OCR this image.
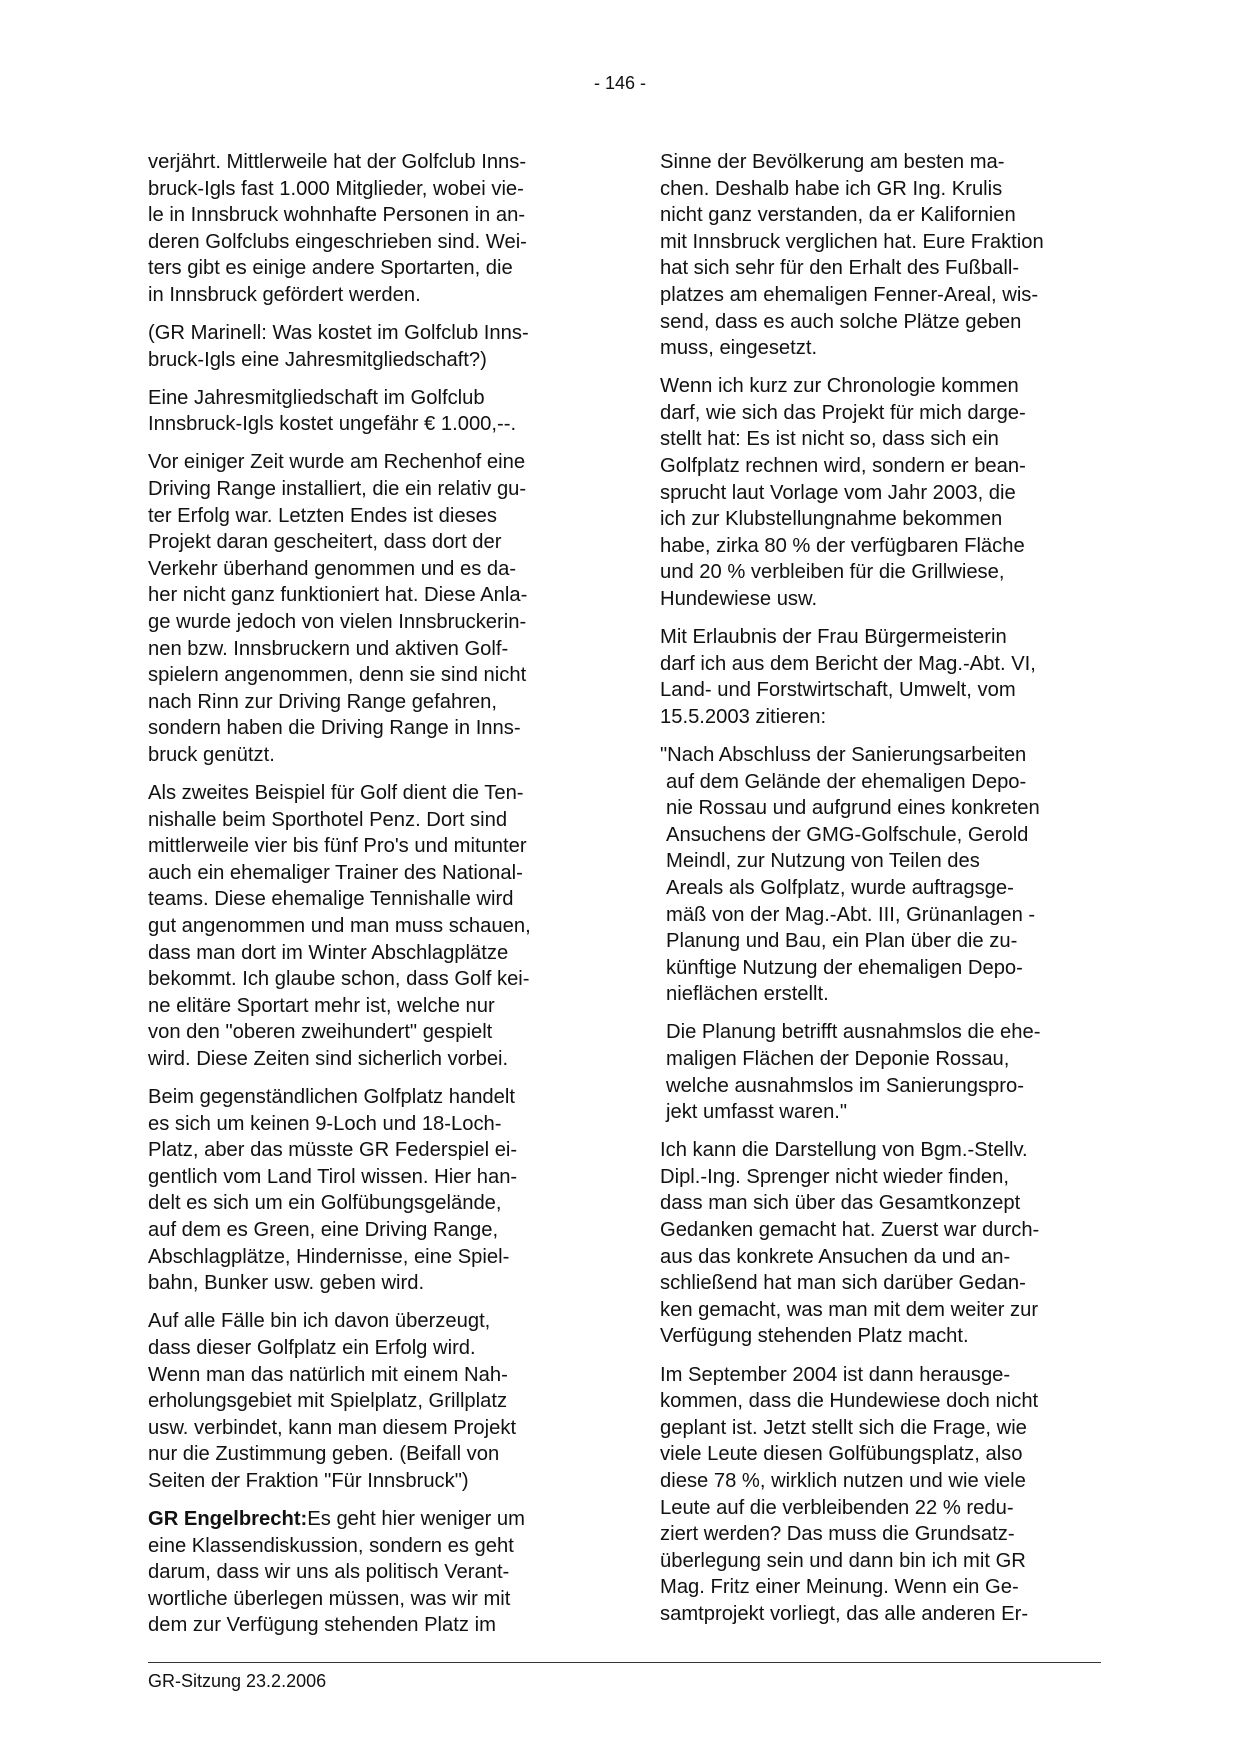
- 146 -
verjährt. Mittlerweile hat der Golfclub Inns-
bruck-Igls fast 1.000 Mitglieder, wobei vie-
le in Innsbruck wohnhafte Personen in an-
deren Golfclubs eingeschrieben sind. Wei-
ters gibt es einige andere Sportarten, die
in Innsbruck gefördert werden.
(GR Marinell: Was kostet im Golfclub Inns-
bruck-Igls eine Jahresmitgliedschaft?)
Eine Jahresmitgliedschaft im Golfclub
Innsbruck-Igls kostet ungefähr € 1.000,--.
Vor einiger Zeit wurde am Rechenhof eine
Driving Range installiert, die ein relativ gu-
ter Erfolg war. Letzten Endes ist dieses
Projekt daran gescheitert, dass dort der
Verkehr überhand genommen und es da-
her nicht ganz funktioniert hat. Diese Anla-
ge wurde jedoch von vielen Innsbruckerin-
nen bzw. Innsbruckern und aktiven Golf-
spielern angenommen, denn sie sind nicht
nach Rinn zur Driving Range gefahren,
sondern haben die Driving Range in Inns-
bruck genützt.
Als zweites Beispiel für Golf dient die Ten-
nishalle beim Sporthotel Penz. Dort sind
mittlerweile vier bis fünf Pro's und mitunter
auch ein ehemaliger Trainer des National-
teams. Diese ehemalige Tennishalle wird
gut angenommen und man muss schauen,
dass man dort im Winter Abschlagplätze
bekommt. Ich glaube schon, dass Golf kei-
ne elitäre Sportart mehr ist, welche nur
von den "oberen zweihundert" gespielt
wird. Diese Zeiten sind sicherlich vorbei.
Beim gegenständlichen Golfplatz handelt
es sich um keinen 9-Loch und 18-Loch-
Platz, aber das müsste GR Federspiel ei-
gentlich vom Land Tirol wissen. Hier han-
delt es sich um ein Golfübungsgelände,
auf dem es Green, eine Driving Range,
Abschlagplätze, Hindernisse, eine Spiel-
bahn, Bunker usw. geben wird.
Auf alle Fälle bin ich davon überzeugt,
dass dieser Golfplatz ein Erfolg wird.
Wenn man das natürlich mit einem Nah-
erholungsgebiet mit Spielplatz, Grillplatz
usw. verbindet, kann man diesem Projekt
nur die Zustimmung geben. (Beifall von
Seiten der Fraktion "Für Innsbruck")
GR Engelbrecht:Es geht hier weniger um
eine Klassendiskussion, sondern es geht
darum, dass wir uns als politisch Verant-
wortliche überlegen müssen, was wir mit
dem zur Verfügung stehenden Platz im
Sinne der Bevölkerung am besten ma-
chen. Deshalb habe ich GR Ing. Krulis
nicht ganz verstanden, da er Kalifornien
mit Innsbruck verglichen hat. Eure Fraktion
hat sich sehr für den Erhalt des Fußball-
platzes am ehemaligen Fenner-Areal, wis-
send, dass es auch solche Plätze geben
muss, eingesetzt.
Wenn ich kurz zur Chronologie kommen
darf, wie sich das Projekt für mich darge-
stellt hat: Es ist nicht so, dass sich ein
Golfplatz rechnen wird, sondern er bean-
sprucht laut Vorlage vom Jahr 2003, die
ich zur Klubstellungnahme bekommen
habe, zirka 80 % der verfügbaren Fläche
und 20 % verbleiben für die Grillwiese,
Hundewiese usw.
Mit Erlaubnis der Frau Bürgermeisterin
darf ich aus dem Bericht der Mag.-Abt. VI,
Land- und Forstwirtschaft, Umwelt, vom
15.5.2003 zitieren:
"Nach Abschluss der Sanierungsarbeiten
auf dem Gelände der ehemaligen Depo-
nie Rossau und aufgrund eines konkreten
Ansuchens der GMG-Golfschule, Gerold
Meindl, zur Nutzung von Teilen des
Areals als Golfplatz, wurde auftragsge-
mäß von der Mag.-Abt. III, Grünanlagen -
Planung und Bau, ein Plan über die zu-
künftige Nutzung der ehemaligen Depo-
nieflächen erstellt.
Die Planung betrifft ausnahmslos die ehe-
maligen Flächen der Deponie Rossau,
welche ausnahmslos im Sanierungspro-
jekt umfasst waren."
Ich kann die Darstellung von Bgm.-Stellv.
Dipl.-Ing. Sprenger nicht wieder finden,
dass man sich über das Gesamtkonzept
Gedanken gemacht hat. Zuerst war durch-
aus das konkrete Ansuchen da und an-
schließend hat man sich darüber Gedan-
ken gemacht, was man mit dem weiter zur
Verfügung stehenden Platz macht.
Im September 2004 ist dann herausge-
kommen, dass die Hundewiese doch nicht
geplant ist. Jetzt stellt sich die Frage, wie
viele Leute diesen Golfübungsplatz, also
diese 78 %, wirklich nutzen und wie viele
Leute auf die verbleibenden 22 % redu-
ziert werden? Das muss die Grundsatz-
überlegung sein und dann bin ich mit GR
Mag. Fritz einer Meinung. Wenn ein Ge-
samtprojekt vorliegt, das alle anderen Er-
GR-Sitzung 23.2.2006
